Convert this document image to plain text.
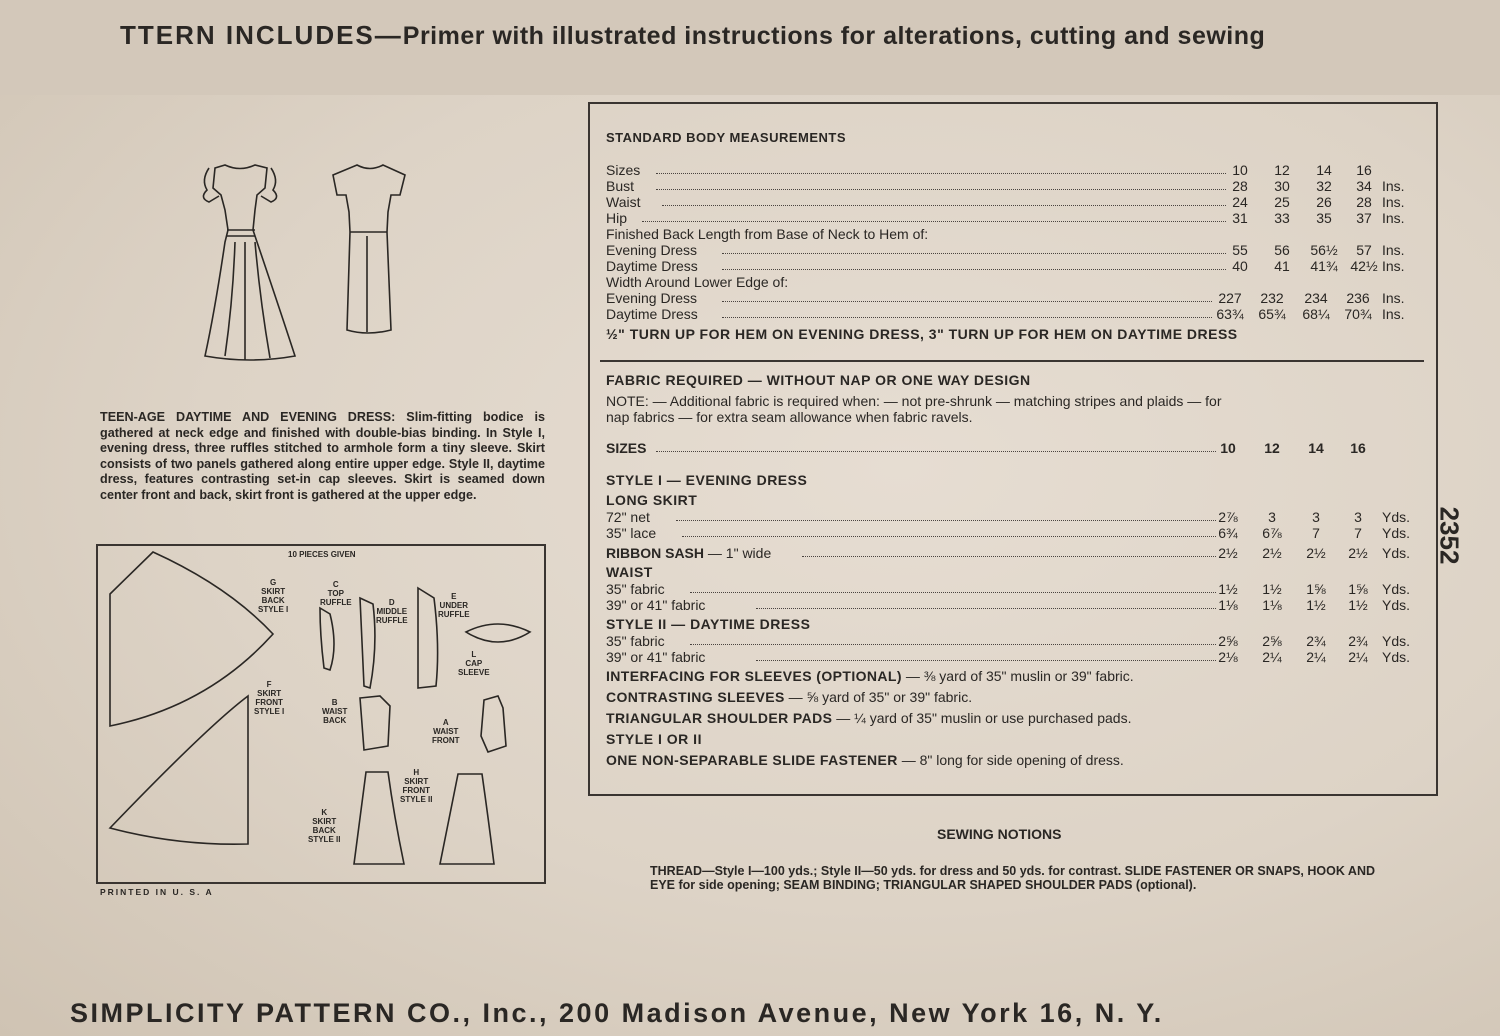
TTERN INCLUDES—Primer with illustrated instructions for alterations, cutting and sewing
TEEN-AGE DAYTIME AND EVENING DRESS: Slim-fitting bodice is gathered at neck edge and finished with double-bias binding. In Style I, evening dress, three ruffles stitched to armhole form a tiny sleeve. Skirt consists of two panels gathered along entire upper edge. Style II, daytime dress, features contrasting set-in cap sleeves. Skirt is seamed down center front and back, skirt front is gathered at the upper edge.
10 PIECES GIVEN
G
SKIRT
BACK
STYLE I
C
TOP
RUFFLE	D
MIDDLE
RUFFLE
E
UNDER
RUFFLE
L
CAP
SLEEVE
F
SKIRT
FRONT
STYLE I
B
WAIST
BACK	A
WAIST
FRONT
H
SKIRT
FRONT
STYLE II
K
SKIRT
BACK
STYLE II
PRINTED IN U. S. A
STANDARD BODY MEASUREMENTS
Sizes	10	12	14	16
Bust	28	30	32	34 Ins.
Waist	24	25	26	28 Ins.
Hip	31	33	35	37 Ins.
Finished Back Length from Base of Neck to Hem of:
Evening Dress	55	56	56½	57 Ins.
Daytime Dress	40	41	41¾ 42½ Ins.
Width Around Lower Edge of:
Evening Dress	227	232	234	236 Ins.
Daytime Dress	63¾	65¾	68¼	70¾ Ins.
½" TURN UP FOR HEM ON EVENING DRESS, 3" TURN UP FOR HEM ON DAYTIME DRESS
FABRIC REQUIRED — WITHOUT NAP OR ONE WAY DESIGN
NOTE: — Additional fabric is required when: — not pre-shrunk — matching stripes and plaids — for
nap fabrics — for extra seam allowance when fabric ravels.
SIZES	10	12	14	16
STYLE I — EVENING DRESS
LONG SKIRT
72" net	2⅞	3	3	3	Yds.
35" lace	6¾	6⅞	7	7	Yds.
RIBBON SASH — 1" wide	2½	2½	2½	2½	Yds.
WAIST
35" fabric	1½	1½	1⅝	1⅝	Yds.
39" or 41" fabric	1⅛	1⅛	1½	1½	Yds.
STYLE II — DAYTIME DRESS
35" fabric	2⅝	2⅝	2¾	2¾	Yds.
39" or 41" fabric	2⅛	2¼	2¼	2¼	Yds.
INTERFACING FOR SLEEVES (OPTIONAL) — ⅜ yard of 35" muslin or 39" fabric.
CONTRASTING SLEEVES — ⅝ yard of 35" or 39" fabric.
TRIANGULAR SHOULDER PADS — ¼ yard of 35" muslin or use purchased pads.
STYLE I OR II
ONE NON-SEPARABLE SLIDE FASTENER — 8" long for side opening of dress.
2352
SEWING NOTIONS
THREAD—Style I—100 yds.; Style II—50 yds. for dress and 50 yds. for contrast. SLIDE FASTENER OR SNAPS, HOOK AND EYE for side opening; SEAM BINDING; TRIANGULAR SHAPED SHOULDER PADS (optional).
SIMPLICITY PATTERN CO., Inc., 200 Madison Avenue, New York 16, N. Y.
